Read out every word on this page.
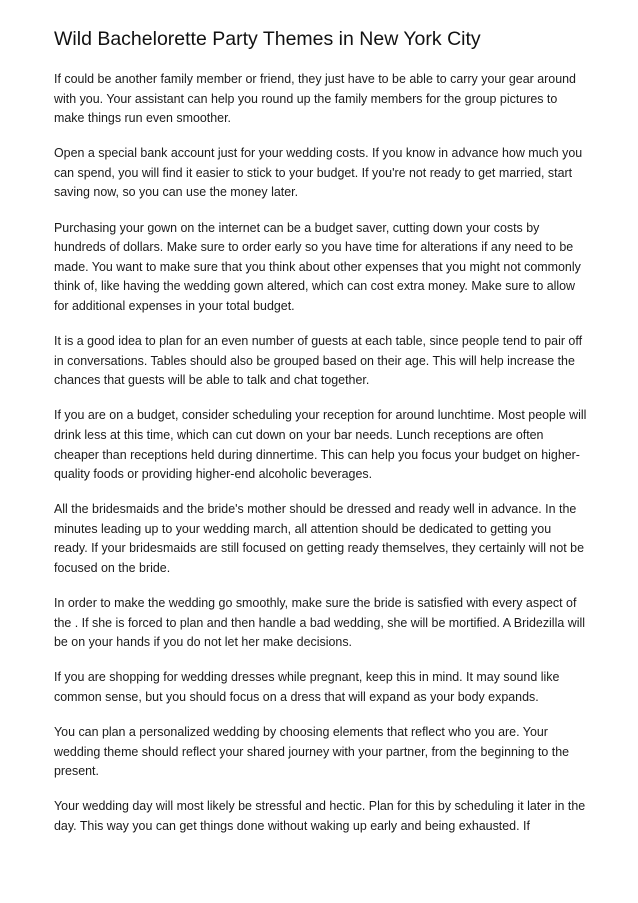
Wild Bachelorette Party Themes in New York City

If could be another family member or friend, they just have to be able to carry your gear around with you. Your assistant can help you round up the family members for the group pictures to make things run even smoother.

Open a special bank account just for your wedding costs. If you know in advance how much you can spend, you will find it easier to stick to your budget. If you're not ready to get married, start saving now, so you can use the money later.

Purchasing your gown on the internet can be a budget saver, cutting down your costs by hundreds of dollars. Make sure to order early so you have time for alterations if any need to be made. You want to make sure that you think about other expenses that you might not commonly think of, like having the wedding gown altered, which can cost extra money. Make sure to allow for additional expenses in your total budget.

It is a good idea to plan for an even number of guests at each table, since people tend to pair off in conversations. Tables should also be grouped based on their age. This will help increase the chances that guests will be able to talk and chat together.

If you are on a budget, consider scheduling your reception for around lunchtime. Most people will drink less at this time, which can cut down on your bar needs. Lunch receptions are often cheaper than receptions held during dinnertime. This can help you focus your budget on higher-quality foods or providing higher-end alcoholic beverages.

All the bridesmaids and the bride's mother should be dressed and ready well in advance. In the minutes leading up to your wedding march, all attention should be dedicated to getting you ready. If your bridesmaids are still focused on getting ready themselves, they certainly will not be focused on the bride.

In order to make the wedding go smoothly, make sure the bride is satisfied with every aspect of the . If she is forced to plan and then handle a bad wedding, she will be mortified. A Bridezilla will be on your hands if you do not let her make decisions.

If you are shopping for wedding dresses while pregnant, keep this in mind. It may sound like common sense, but you should focus on a dress that will expand as your body expands.

You can plan a personalized wedding by choosing elements that reflect who you are. Your wedding theme should reflect your shared journey with your partner, from the beginning to the present.

Your wedding day will most likely be stressful and hectic. Plan for this by scheduling it later in the day. This way you can get things done without waking up early and being exhausted. If
